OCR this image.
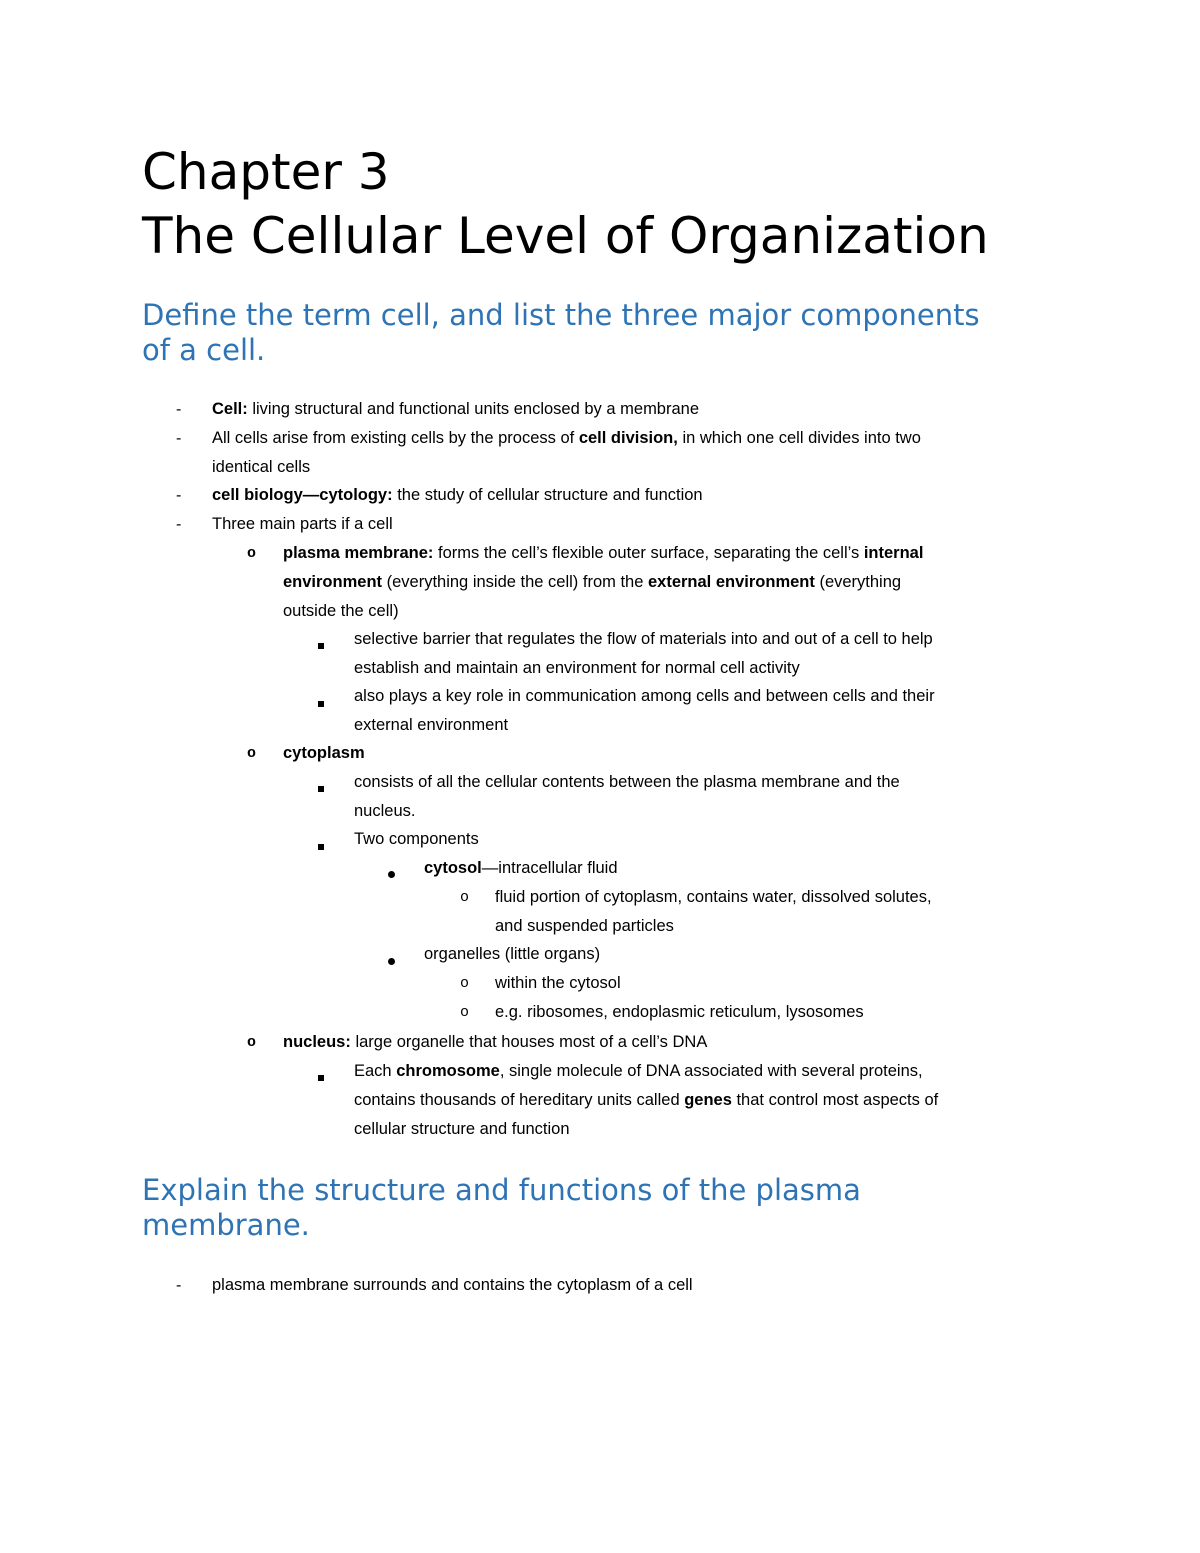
Chapter 3
The Cellular Level of Organization
Define the term cell, and list the three major components
of a cell.
- Cell: living structural and functional units enclosed by a membrane
- All cells arise from existing cells by the process of cell division, in which one cell divides into two
identical cells
- cell biology—cytology: the study of cellular structure and function
- Three main parts if a cell
o plasma membrane: forms the cell’s flexible outer surface, separating the cell’s internal
environment (everything inside the cell) from the external environment (everything
outside the cell)
selective barrier that regulates the flow of materials into and out of a cell to help
establish and maintain an environment for normal cell activity
also plays a key role in communication among cells and between cells and their
external environment
o cytoplasm
consists of all the cellular contents between the plasma membrane and the
nucleus.
Two components
cytosol—intracellular fluid
o fluid portion of cytoplasm, contains water, dissolved solutes,
and suspended particles
organelles (little organs)
o within the cytosol
o e.g. ribosomes, endoplasmic reticulum, lysosomes
o nucleus: large organelle that houses most of a cell’s DNA
Each chromosome, single molecule of DNA associated with several proteins,
contains thousands of hereditary units called genes that control most aspects of
cellular structure and function
Explain the structure and functions of the plasma
membrane.
- plasma membrane surrounds and contains the cytoplasm of a cell
